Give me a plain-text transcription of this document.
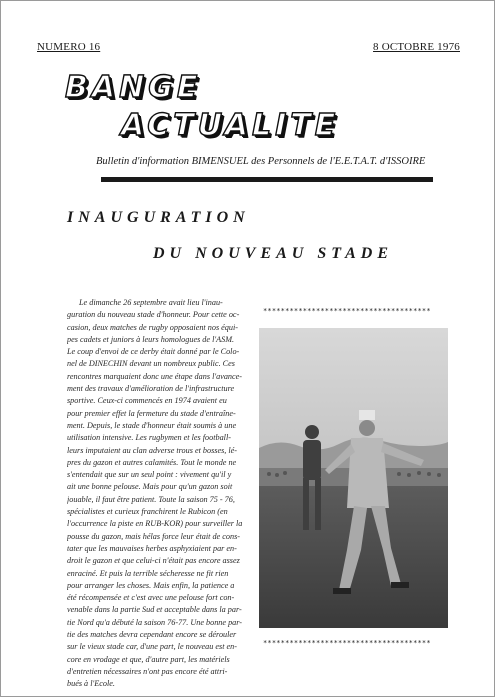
NUMERO 16	8 OCTOBRE 1976
BANGE
ACTUALITE
Bulletin d'information BIMENSUEL des Personnels de l'E.E.T.A.T. d'ISSOIRE
INAUGURATION
DU NOUVEAU STADE
Le dimanche 26 septembre avait lieu l'inau-
guration du nouveau stade d'honneur. Pour cette oc-
casion, deux matches de rugby opposaient nos équi-
pes cadets et juniors à leurs homologues de l'ASM.
Le coup d'envoi de ce derby était donné par le Colo-
nel de DINECHIN devant un nombreux public. Ces
rencontres marquaient donc une étape dans l'avance-
ment des travaux d'amélioration de l'infrastructure
sportive. Ceux-ci commencés en 1974 avaient eu
pour premier effet la fermeture du stade d'entraîne-
ment. Depuis, le stade d'honneur était soumis à une
utilisation intensive. Les rugbymen et les football-
leurs imputaient au clan adverse trous et bosses, lé-
pres du gazon et autres calamités. Tout le monde ne
s'entendait que sur un seul point : vivement qu'il y
ait une bonne pelouse. Mais pour qu'un gazon soit
jouable, il faut être patient. Toute la saison 75 - 76,
spécialistes et curieux franchirent le Rubicon (en
l'occurrence la piste en RUB-KOR) pour surveiller la
pousse du gazon, mais hélas force leur était de cons-
tater que les mauvaises herbes asphyxiaient par en-
droit le gazon et que celui-ci n'était pas encore assez
enraciné. Et puis la terrible sécheresse ne fit rien
pour arranger les choses. Mais enfin, la patience a
été récompensée et c'est avec une pelouse fort con-
venable dans la partie Sud et acceptable dans la par-
tie Nord qu'a débuté la saison 76-77. Une bonne par-
tie des matches devra cependant encore se dérouler
sur le vieux stade car, d'une part, le nouveau est en-
core en vrodage et que, d'autre part, les matériels
d'entretien nécessaires n'ont pas encore été attri-
bués à l'Ecole.
**************************************
**************************************
